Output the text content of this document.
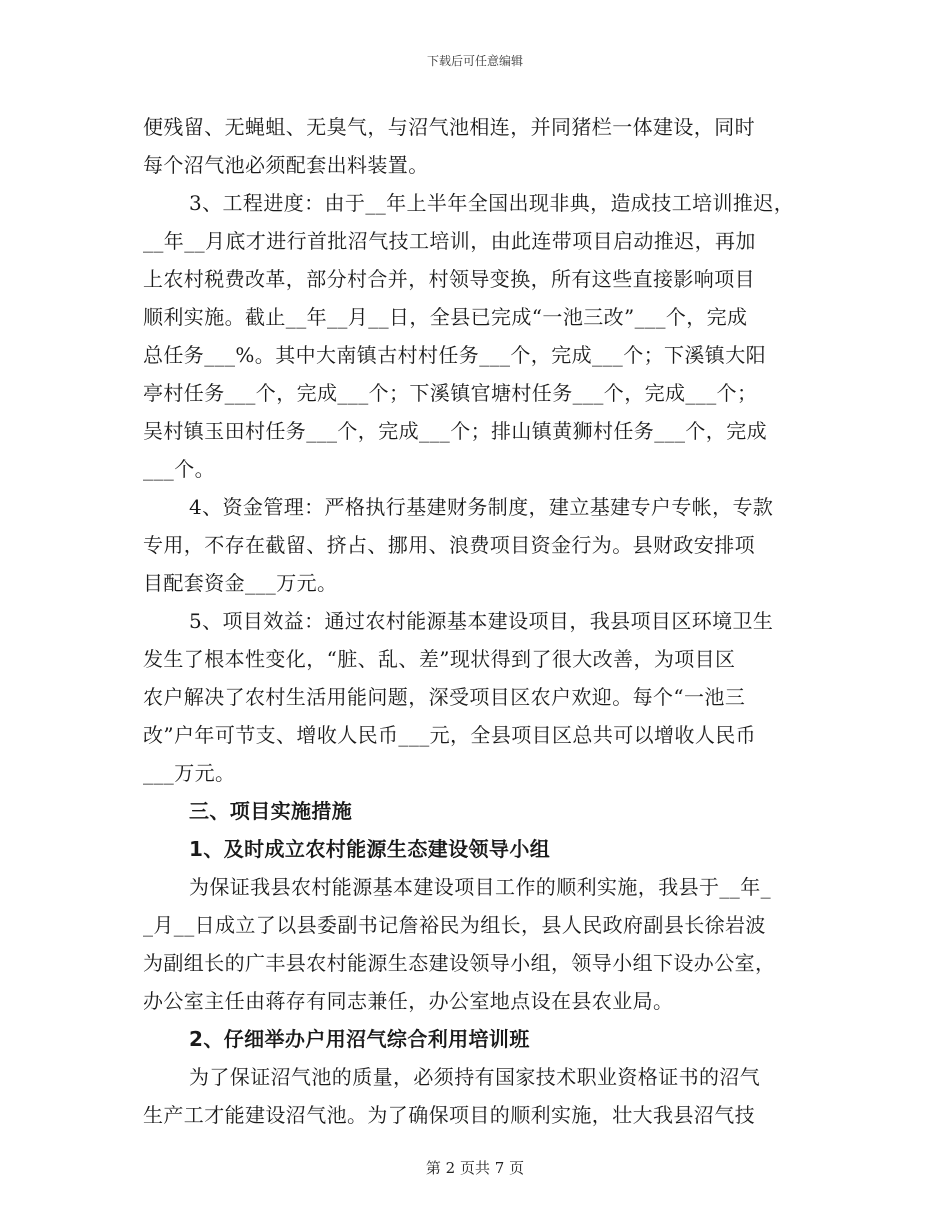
下载后可任意编辑
便残留、无蝇蛆、无臭气，与沼气池相连，并同猪栏一体建设，同时
每个沼气池必须配套出料装置。
3、工程进度：由于__年上半年全国出现非典，造成技工培训推迟，
__年__月底才进行首批沼气技工培训，由此连带项目启动推迟，再加
上农村税费改革，部分村合并，村领导变换，所有这些直接影响项目
顺利实施。截止__年__月__日，全县已完成“一池三改”___个，完成
总任务___%。其中大南镇古村村任务___个，完成___个；下溪镇大阳
亭村任务___个，完成___个；下溪镇官塘村任务___个，完成___个；
吴村镇玉田村任务___个，完成___个；排山镇黄狮村任务___个，完成
___个。
4、资金管理：严格执行基建财务制度，建立基建专户专帐，专款
专用，不存在截留、挤占、挪用、浪费项目资金行为。县财政安排项
目配套资金___万元。
5、项目效益：通过农村能源基本建设项目，我县项目区环境卫生
发生了根本性变化，“脏、乱、差”现状得到了很大改善，为项目区
农户解决了农村生活用能问题，深受项目区农户欢迎。每个“一池三
改”户年可节支、增收人民币___元，全县项目区总共可以增收人民币
___万元。
三、项目实施措施
1、及时成立农村能源生态建设领导小组
为保证我县农村能源基本建设项目工作的顺利实施，我县于__年_
_月__日成立了以县委副书记詹裕民为组长，县人民政府副县长徐岩波
为副组长的广丰县农村能源生态建设领导小组，领导小组下设办公室，
办公室主任由蒋存有同志兼任，办公室地点设在县农业局。
2、仔细举办户用沼气综合利用培训班
为了保证沼气池的质量，必须持有国家技术职业资格证书的沼气
生产工才能建设沼气池。为了确保项目的顺利实施，壮大我县沼气技
第 2 页共 7 页
